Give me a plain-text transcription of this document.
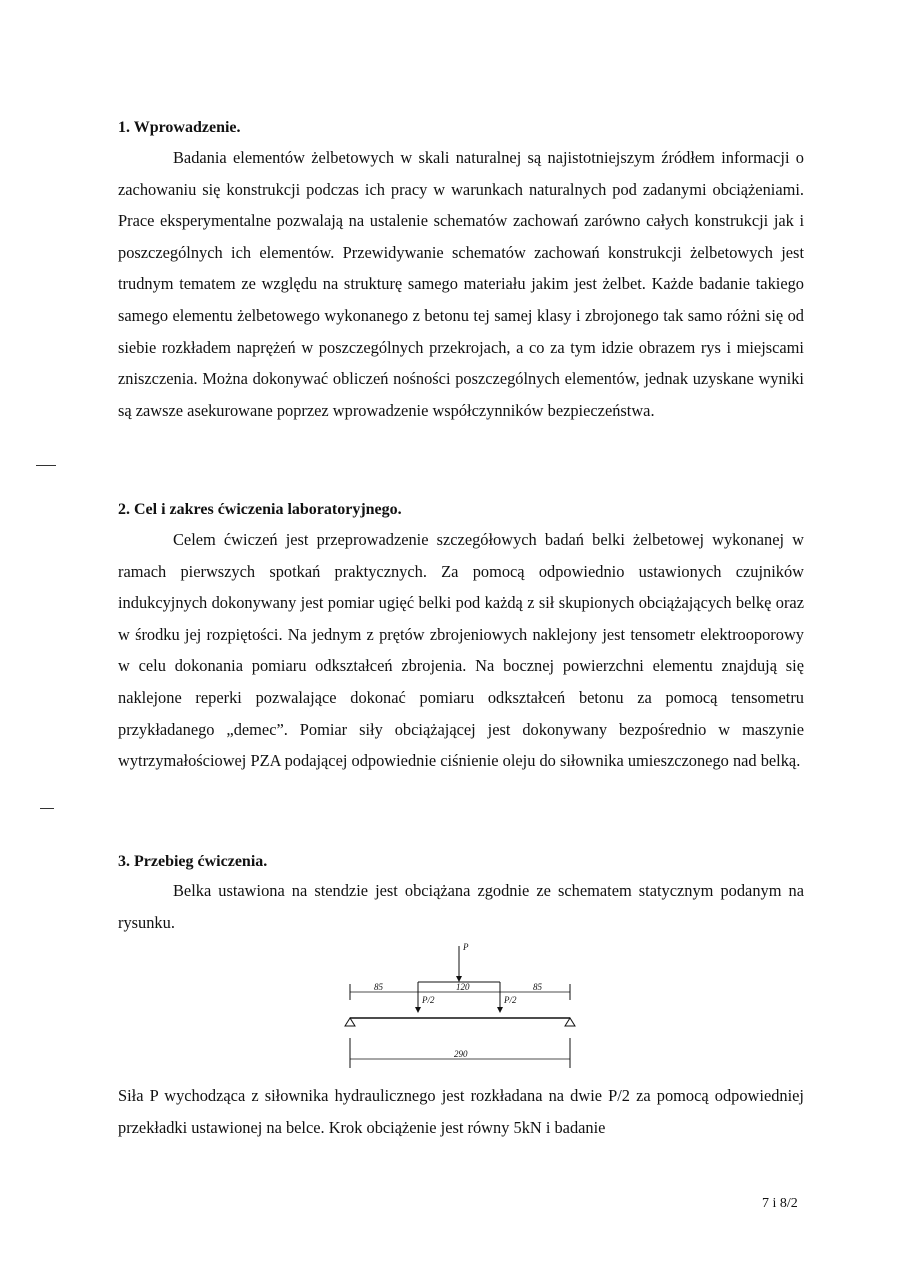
1. Wprowadzenie.
Badania elementów żelbetowych w skali naturalnej są najistotniejszym źródłem informacji o zachowaniu się konstrukcji podczas ich pracy w warunkach naturalnych pod zadanymi obciążeniami. Prace eksperymentalne pozwalają na ustalenie schematów zachowań zarówno całych konstrukcji jak i poszczególnych ich elementów. Przewidywanie schematów zachowań konstrukcji żelbetowych jest trudnym tematem ze względu na strukturę samego materiału jakim jest żelbet. Każde badanie takiego samego elementu żelbetowego wykonanego z betonu tej samej klasy i zbrojonego tak samo różni się od siebie rozkładem naprężeń w poszczególnych przekrojach, a co za tym idzie obrazem rys i miejscami zniszczenia. Można dokonywać obliczeń nośności poszczególnych elementów, jednak uzyskane wyniki są zawsze asekurowane poprzez wprowadzenie współczynników bezpieczeństwa.
2. Cel i zakres ćwiczenia laboratoryjnego.
Celem ćwiczeń jest przeprowadzenie szczegółowych badań belki żelbetowej wykonanej w ramach pierwszych spotkań praktycznych. Za pomocą odpowiednio ustawionych czujników indukcyjnych dokonywany jest pomiar ugięć belki pod każdą z sił skupionych obciążających belkę oraz w środku jej rozpiętości. Na jednym z prętów zbrojeniowych naklejony jest tensometr elektrooporowy w celu dokonania pomiaru odkształceń zbrojenia. Na bocznej powierzchni elementu znajdują się naklejone reperki pozwalające dokonać pomiaru odkształceń betonu za pomocą tensometru przykładanego „demec”. Pomiar siły obciążającej jest dokonywany bezpośrednio w maszynie wytrzymałościowej PZA podającej odpowiednie ciśnienie oleju do siłownika umieszczonego nad belką.
3. Przebieg ćwiczenia.
Belka ustawiona na stendzie jest obciążana zgodnie ze schematem statycznym podanym na rysunku.
P
P/2	P/2
85	120	85
290
Siła P wychodząca z siłownika hydraulicznego jest rozkładana na dwie P/2 za pomocą odpowiedniej przekładki ustawionej na belce. Krok obciążenie jest równy 5kN i badanie
7 i 8/2
